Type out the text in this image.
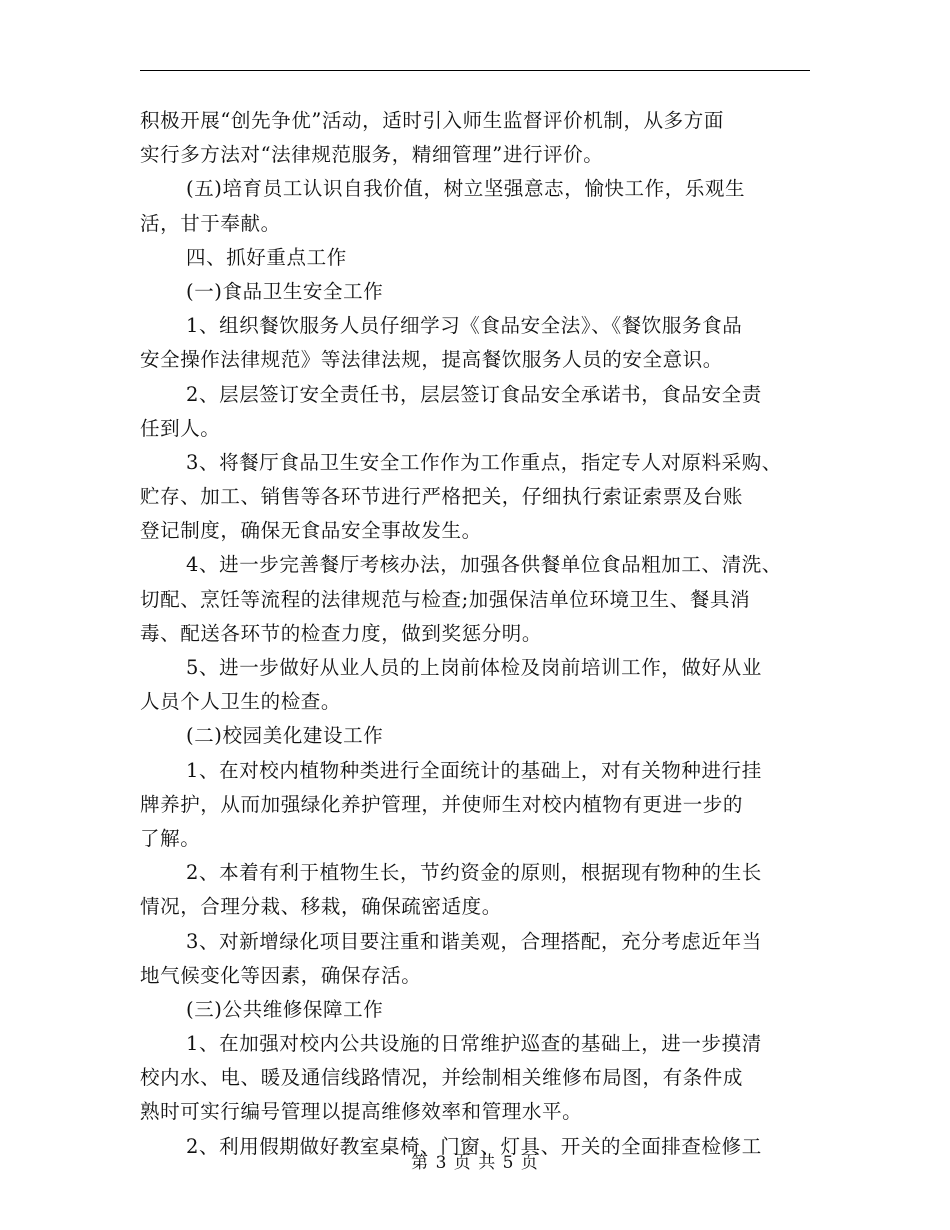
积极开展“创先争优”活动，适时引入师生监督评价机制，从多方面
实行多方法对“法律规范服务，精细管理”进行评价。
(五)培育员工认识自我价值，树立坚强意志，愉快工作，乐观生
活，甘于奉献。
四、抓好重点工作
(一)食品卫生安全工作
1、组织餐饮服务人员仔细学习《食品安全法》、《餐饮服务食品
安全操作法律规范》等法律法规，提高餐饮服务人员的安全意识。
2、层层签订安全责任书，层层签订食品安全承诺书，食品安全责
任到人。
3、将餐厅食品卫生安全工作作为工作重点，指定专人对原料采购、
贮存、加工、销售等各环节进行严格把关，仔细执行索证索票及台账
登记制度，确保无食品安全事故发生。
4、进一步完善餐厅考核办法，加强各供餐单位食品粗加工、清洗、
切配、烹饪等流程的法律规范与检查;加强保洁单位环境卫生、餐具消
毒、配送各环节的检查力度，做到奖惩分明。
5、进一步做好从业人员的上岗前体检及岗前培训工作，做好从业
人员个人卫生的检查。
(二)校园美化建设工作
1、在对校内植物种类进行全面统计的基础上，对有关物种进行挂
牌养护，从而加强绿化养护管理，并使师生对校内植物有更进一步的
了解。
2、本着有利于植物生长，节约资金的原则，根据现有物种的生长
情况，合理分栽、移栽，确保疏密适度。
3、对新增绿化项目要注重和谐美观，合理搭配，充分考虑近年当
地气候变化等因素，确保存活。
(三)公共维修保障工作
1、在加强对校内公共设施的日常维护巡查的基础上，进一步摸清
校内水、电、暖及通信线路情况，并绘制相关维修布局图，有条件成
熟时可实行编号管理以提高维修效率和管理水平。
2、利用假期做好教室桌椅、门窗、灯具、开关的全面排查检修工
第 3 页 共 5 页
